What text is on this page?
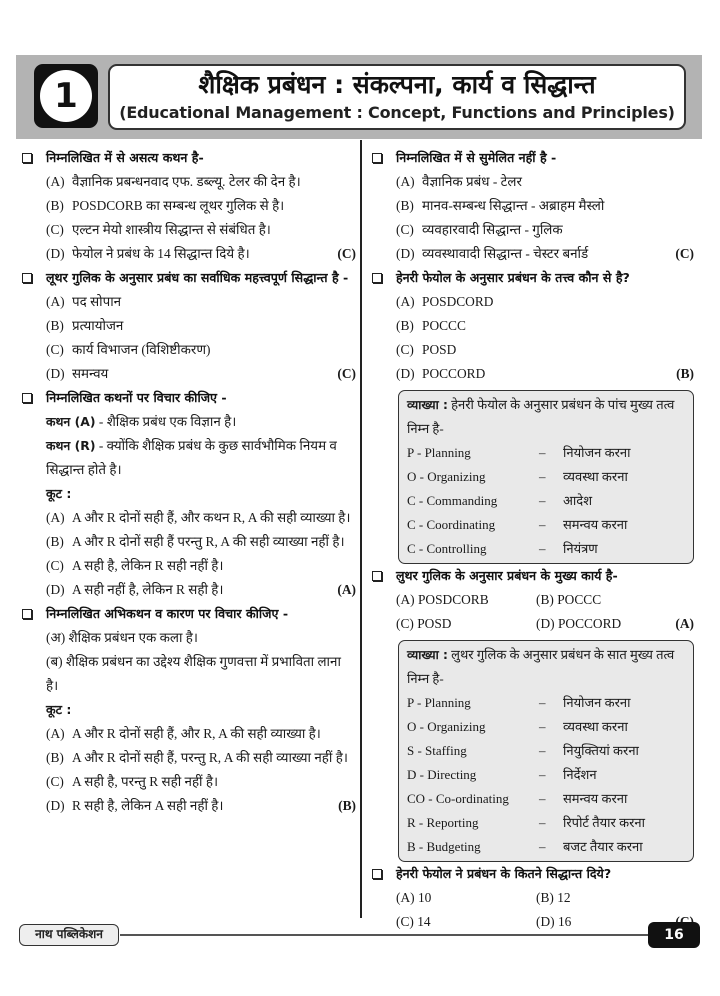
1	शैक्षिक प्रबंधन : संकल्पना, कार्य व सिद्धान्त
(Educational Management : Concept, Functions and Principles)
निम्नलिखित में से असत्य कथन है-
(A) वैज्ञानिक प्रबन्धनवाद एफ. डब्ल्यू. टेलर की देन है।
(B) POSDCORB का सम्बन्ध लूथर गुलिक से है।
(C) एल्टन मेयो शास्त्रीय सिद्धान्त से संबंधित है।
(D) फेयोल ने प्रबंध के 14 सिद्धान्त दिये है।	(C)
लूथर गुलिक के अनुसार प्रबंध का सर्वाधिक महत्त्वपूर्ण सिद्धान्त है -
(A) पद सोपान
(B) प्रत्यायोजन
(C) कार्य विभाजन (विशिष्टीकरण)
(D) समन्वय	(C)
निम्नलिखित कथनों पर विचार कीजिए -
कथन (A) - शैक्षिक प्रबंध एक विज्ञान है।
कथन (R) - क्योंकि शैक्षिक प्रबंध के कुछ सार्वभौमिक नियम व सिद्धान्त होते है।
कूट :
(A) A और R दोनों सही हैं, और कथन R, A की सही व्याख्या है।
(B) A और R दोनों सही हैं परन्तु R, A की सही व्याख्या नहीं है।
(C) A सही है, लेकिन R सही नहीं है।
(D) A सही नहीं है, लेकिन R सही है।	(A)
निम्नलिखित अभिकथन व कारण पर विचार कीजिए -
(अ) शैक्षिक प्रबंधन एक कला है।
(ब) शैक्षिक प्रबंधन का उद्देश्य शैक्षिक गुणवत्ता में प्रभाविता लाना है।
कूट :
(A) A और R दोनों सही हैं, और R, A की सही व्याख्या है।
(B) A और R दोनों सही हैं, परन्तु R, A की सही व्याख्या नहीं है।
(C) A सही है, परन्तु R सही नहीं है।
(D) R सही है, लेकिन A सही नहीं है।	(B)
निम्नलिखित में से सुमेलित नहीं है -
(A) वैज्ञानिक प्रबंध - टेलर
(B) मानव-सम्बन्ध सिद्धान्त - अब्राहम मैस्लो
(C) व्यवहारवादी सिद्धान्त - गुलिक
(D) व्यवस्थावादी सिद्धान्त - चेस्टर बर्नार्ड	(C)
हेनरी फेयोल के अनुसार प्रबंधन के तत्त्व कौन से है?
(A) POSDCORD
(B) POCCC
(C) POSD
(D) POCCORD	(B)
व्याख्या : हेनरी फेयोल के अनुसार प्रबंधन के पांच मुख्य तत्व निम्न है-
P - Planning	– नियोजन करना
O - Organizing	– व्यवस्था करना
C - Commanding	– आदेश
C - Coordinating	– समन्वय करना
C - Controlling	– नियंत्रण
लुथर गुलिक के अनुसार प्रबंधन के मुख्य कार्य है-
(A) POSDCORB	(B) POCCC
(C) POSD	(D) POCCORD	(A)
व्याख्या : लुथर गुलिक के अनुसार प्रबंधन के सात मुख्य तत्व निम्न है-
P - Planning	– नियोजन करना
O - Organizing	– व्यवस्था करना
S - Staffing	– नियुक्तियां करना
D - Directing	– निर्देशन
CO - Co-ordinating	– समन्वय करना
R - Reporting	– रिपोर्ट तैयार करना
B - Budgeting	– बजट तैयार करना
हेनरी फेयोल ने प्रबंधन के कितने सिद्धान्त दिये?
(A) 10	(B) 12
(C) 14	(D) 16
नाथ पब्लिकेशन	16
